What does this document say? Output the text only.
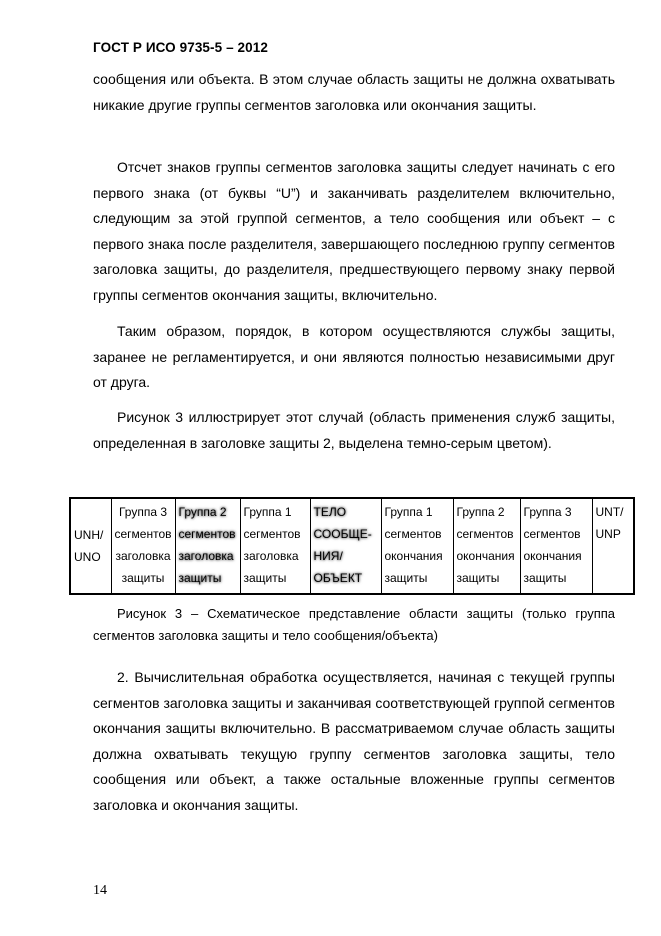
ГОСТ Р ИСО 9735-5 – 2012
сообщения или объекта. В этом случае область защиты не должна охватывать никакие другие группы сегментов заголовка или окончания защиты.
Отсчет знаков группы сегментов заголовка защиты следует начинать с его первого знака (от буквы “U”) и заканчивать разделителем включительно, следующим за этой группой сегментов, а тело сообщения или объект – с первого знака после разделителя, завершающего последнюю группу сегментов заголовка защиты, до разделителя, предшествующего первому знаку первой группы сегментов окончания защиты, включительно.
Таким образом, порядок, в котором осуществляются службы защиты, заранее не регламентируется, и они являются полностью независимыми друг от друга.
Рисунок 3 иллюстрирует этот случай (область применения служб защиты, определенная в заголовке защиты 2, выделена темно-серым цветом).
UNH/ UNO	Группа 3 сегментов заголовка защиты	Группа 2 сегментов заголовка защиты	Группа 1 сегментов заголовка защиты	ТЕЛО СООБЩЕ-НИЯ/ ОБЪЕКТ	Группа 1 сегментов окончания защиты	Группа 2 сегментов окончания защиты	Группа 3 сегментов окончания защиты	UNT/ UNP
Рисунок 3 – Схематическое представление области защиты (только группа сегментов заголовка защиты и тело сообщения/объекта)
2. Вычислительная обработка осуществляется, начиная с текущей группы сегментов заголовка защиты и заканчивая соответствующей группой сегментов окончания защиты включительно. В рассматриваемом случае область защиты должна охватывать текущую группу сегментов заголовка защиты, тело сообщения или объект, а также остальные вложенные группы сегментов заголовка и окончания защиты.
14
